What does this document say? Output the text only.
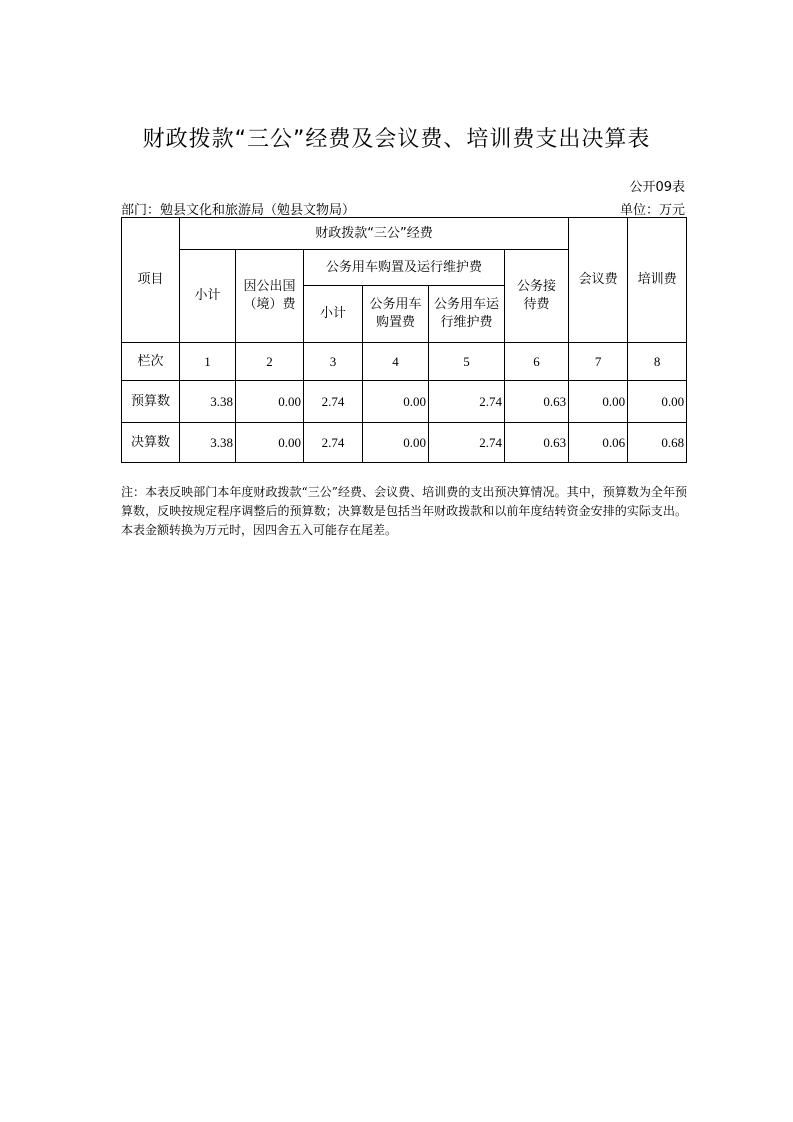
财政拨款“三公”经费及会议费、培训费支出决算表
公开09表
部门：勉县文化和旅游局（勉县文物局）	单位：万元
项目	财政拨款“三公”经费						会议费	培训费
	小计	因公出国（境）费	公务用车购置及运行维护费			公务接待费		
			小计	公务用车购置费	公务用车运行维护费			
栏次	1	2	3	4	5	6	7	8
预算数	3.38	0.00	2.74	0.00	2.74	0.63	0.00	0.00
决算数	3.38	0.00	2.74	0.00	2.74	0.63	0.06	0.68
注：本表反映部门本年度财政拨款“三公”经费、会议费、培训费的支出预决算情况。其中，预算数为全年预算数，反映按规定程序调整后的预算数；决算数是包括当年财政拨款和以前年度结转资金安排的实际支出。本表金额转换为万元时，因四舍五入可能存在尾差。
